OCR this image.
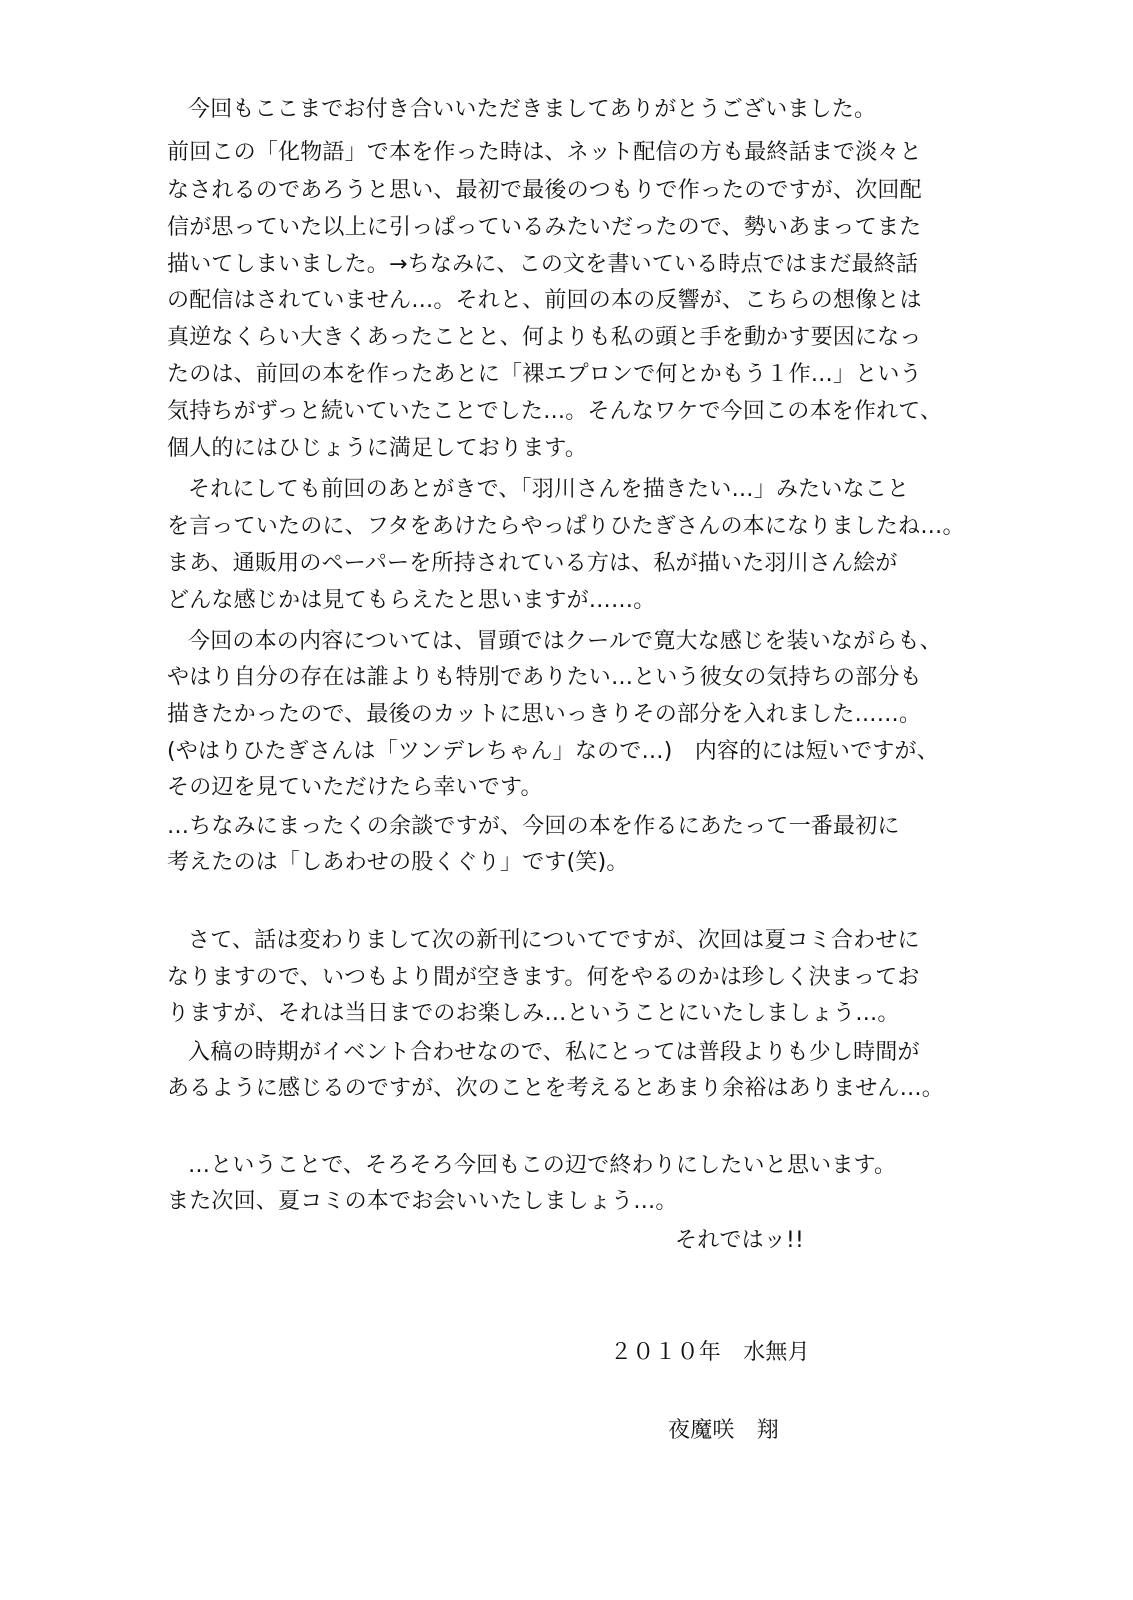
今回もここまでお付き合いいただきましてありがとうございました。
前回この「化物語」で本を作った時は、ネット配信の方も最終話まで淡々と
なされるのであろうと思い、最初で最後のつもりで作ったのですが、次回配
信が思っていた以上に引っぱっているみたいだったので、勢いあまってまた
描いてしまいました。→ちなみに、この文を書いている時点ではまだ最終話
の配信はされていません…。それと、前回の本の反響が、こちらの想像とは
真逆なくらい大きくあったことと、何よりも私の頭と手を動かす要因になっ
たのは、前回の本を作ったあとに「裸エプロンで何とかもう１作…」という
気持ちがずっと続いていたことでした…。そんなワケで今回この本を作れて、
個人的にはひじょうに満足しております。
それにしても前回のあとがきで、「羽川さんを描きたい…」みたいなこと
を言っていたのに、フタをあけたらやっぱりひたぎさんの本になりましたね…。
まあ、通販用のペーパーを所持されている方は、私が描いた羽川さん絵が
どんな感じかは見てもらえたと思いますが……。
今回の本の内容については、冒頭ではクールで寛大な感じを装いながらも、
やはり自分の存在は誰よりも特別でありたい…という彼女の気持ちの部分も
描きたかったので、最後のカットに思いっきりその部分を入れました……。
(やはりひたぎさんは「ツンデレちゃん」なので…)　内容的には短いですが、
その辺を見ていただけたら幸いです。
…ちなみにまったくの余談ですが、今回の本を作るにあたって一番最初に
考えたのは「しあわせの股くぐり」です(笑)。
さて、話は変わりまして次の新刊についてですが、次回は夏コミ合わせに
なりますので、いつもより間が空きます。何をやるのかは珍しく決まってお
りますが、それは当日までのお楽しみ…ということにいたしましょう…。
入稿の時期がイベント合わせなので、私にとっては普段よりも少し時間が
あるように感じるのですが、次のことを考えるとあまり余裕はありません…。
…ということで、そろそろ今回もこの辺で終わりにしたいと思います。
また次回、夏コミの本でお会いいたしましょう…。
それではッ!!
２０１０年　水無月
夜魔咲　翔
